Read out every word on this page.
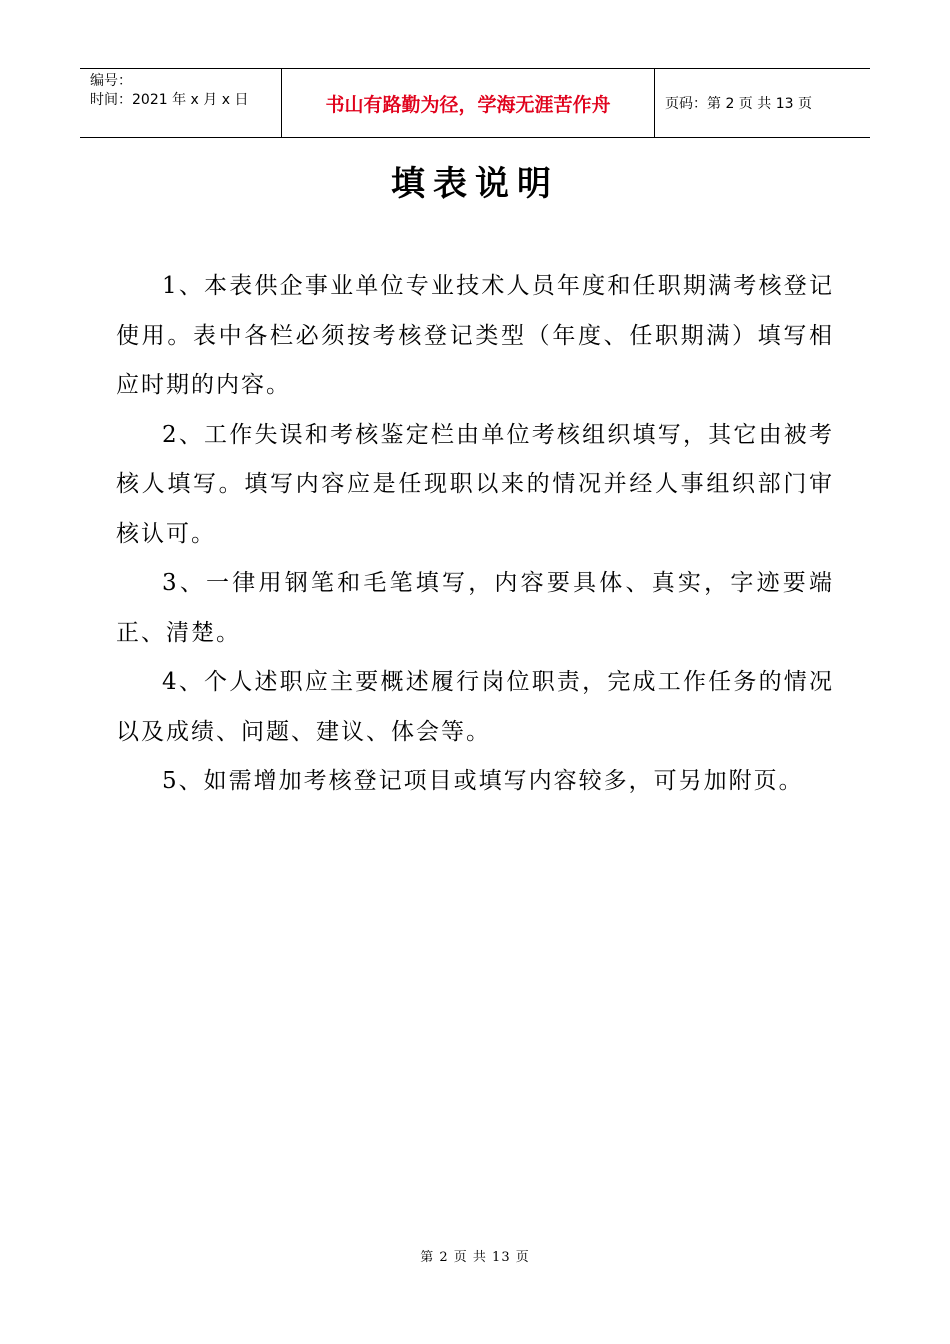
编号：
时间：2021 年 x 月 x 日	书山有路勤为径，学海无涯苦作舟	页码：第 2 页 共 13 页
填表说明

1、本表供企事业单位专业技术人员年度和任职期满考核登记使用。表中各栏必须按考核登记类型（年度、任职期满）填写相应时期的内容。

2、工作失误和考核鉴定栏由单位考核组织填写，其它由被考核人填写。填写内容应是任现职以来的情况并经人事组织部门审核认可。

3、一律用钢笔和毛笔填写，内容要具体、真实，字迹要端正、清楚。

4、个人述职应主要概述履行岗位职责，完成工作任务的情况以及成绩、问题、建议、体会等。

5、如需增加考核登记项目或填写内容较多，可另加附页。

第 2 页 共 13 页
